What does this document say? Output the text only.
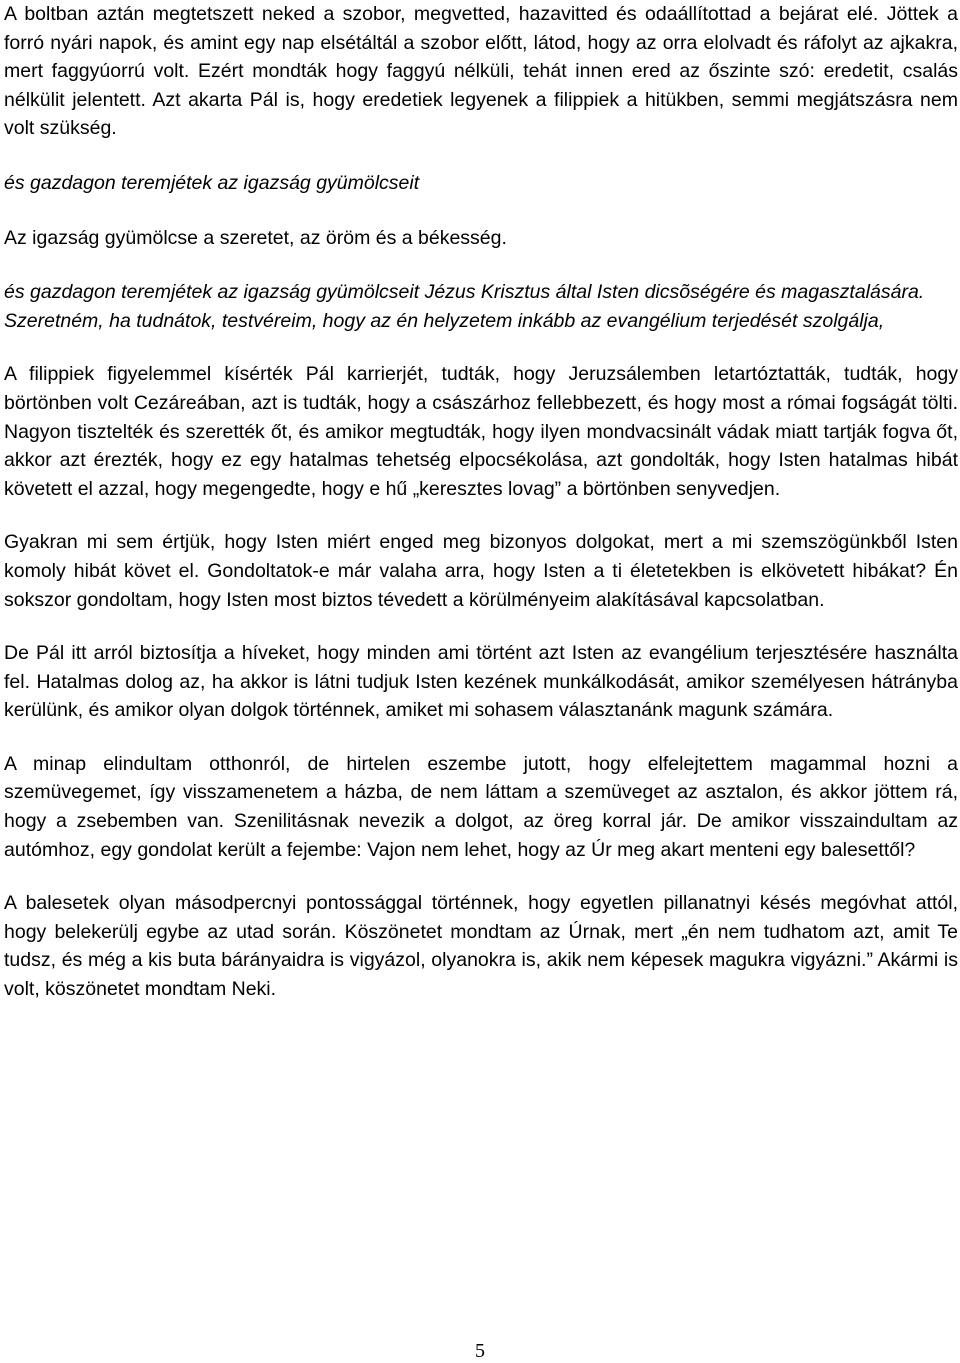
A boltban aztán megtetszett neked a szobor, megvetted, hazavitted és odaállítottad a bejárat elé. Jöttek a forró nyári napok, és amint egy nap elsétáltál a szobor előtt, látod, hogy az orra elolvadt és ráfolyt az ajkakra, mert faggyúorrú volt. Ezért mondták hogy faggyú nélküli, tehát innen ered az őszinte szó: eredetit, csalás nélkülit jelentett. Azt akarta Pál is, hogy eredetiek legyenek a filippiek a hitükben, semmi megjátszásra nem volt szükség.

és gazdagon teremjétek az igazság gyümölcseit

Az igazság gyümölcse a szeretet, az öröm és a békesség.

és gazdagon teremjétek az igazság gyümölcseit Jézus Krisztus által Isten dicsõségére és magasztalására.

Szeretném, ha tudnátok, testvéreim, hogy az én helyzetem inkább az evangélium terjedését szolgálja,

A filippiek figyelemmel kísérték Pál karrierjét, tudták, hogy Jeruzsálemben letartóztatták, tudták, hogy börtönben volt Cezáreában, azt is tudták, hogy a császárhoz fellebbezett, és hogy most a római fogságát tölti. Nagyon tisztelték és szerették őt, és amikor megtudták, hogy ilyen mondvacsinált vádak miatt tartják fogva őt, akkor azt érezték, hogy ez egy hatalmas tehetség elpocsékolása, azt gondolták, hogy Isten hatalmas hibát követett el azzal, hogy megengedte, hogy e hű „keresztes lovag” a börtönben senyvedjen.

Gyakran mi sem értjük, hogy Isten miért enged meg bizonyos dolgokat, mert a mi szemszögünkből Isten komoly hibát követ el. Gondoltatok-e már valaha arra, hogy Isten a ti életetekben is elkövetett hibákat? Én sokszor gondoltam, hogy Isten most biztos tévedett a körülményeim alakításával kapcsolatban.

De Pál itt arról biztosítja a híveket, hogy minden ami történt azt Isten az evangélium terjesztésére használta fel. Hatalmas dolog az, ha akkor is látni tudjuk Isten kezének munkálkodását, amikor személyesen hátrányba kerülünk, és amikor olyan dolgok történnek, amiket mi sohasem választanánk magunk számára.

A minap elindultam otthonról, de hirtelen eszembe jutott, hogy elfelejtettem magammal hozni a szemüvegemet, így visszamenetem a házba, de nem láttam a szemüveget az asztalon, és akkor jöttem rá, hogy a zsebemben van. Szenilitásnak nevezik a dolgot, az öreg korral jár. De amikor visszaindultam az autómhoz, egy gondolat került a fejembe: Vajon nem lehet, hogy az Úr meg akart menteni egy balesettől?

A balesetek olyan másodpercnyi pontossággal történnek, hogy egyetlen pillanatnyi késés megóvhat attól, hogy belekerülj egybe az utad során. Köszönetet mondtam az Úrnak, mert „én nem tudhatom azt, amit Te tudsz, és még a kis buta bárányaidra is vigyázol, olyanokra is, akik nem képesek magukra vigyázni.” Akármi is volt, köszönetet mondtam Neki.

5
